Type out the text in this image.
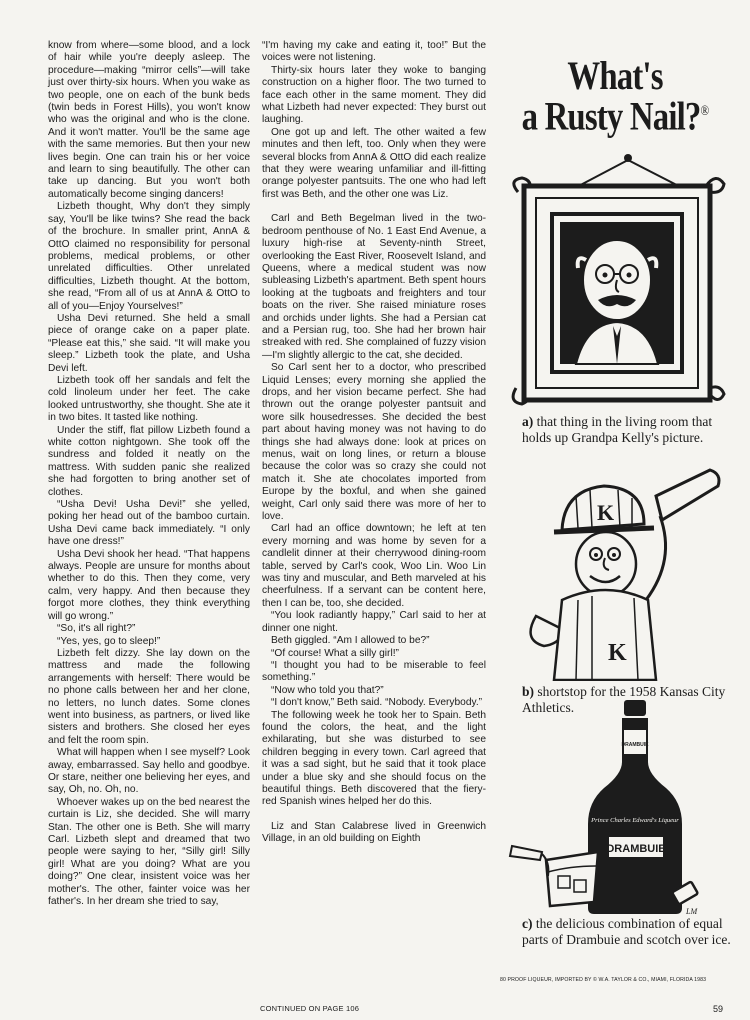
know from where—some blood, and a lock of hair while you're deeply asleep. The procedure—making “mirror cells”—will take just over thirty-six hours. When you wake as two people, one on each of the bunk beds (twin beds in Forest Hills), you won't know who was the original and who is the clone. And it won't matter. You'll be the same age with the same memories. But then your new lives begin. One can train his or her voice and learn to sing beautifully. The other can take up dancing. But you won't both automatically become singing dancers!

Lizbeth thought, Why don't they simply say, You'll be like twins? She read the back of the brochure. In smaller print, AnnA & OttO claimed no responsibility for personal problems, medical problems, or other unrelated difficulties. Other unrelated difficulties, Lizbeth thought. At the bottom, she read, “From all of us at AnnA & OttO to all of you—Enjoy Yourselves!”

Usha Devi returned. She held a small piece of orange cake on a paper plate. “Please eat this,” she said. “It will make you sleep.” Lizbeth took the plate, and Usha Devi left.

Lizbeth took off her sandals and felt the cold linoleum under her feet. The cake looked untrustworthy, she thought. She ate it in two bites. It tasted like nothing.

Under the stiff, flat pillow Lizbeth found a white cotton nightgown. She took off the sundress and folded it neatly on the mattress. With sudden panic she realized she had forgotten to bring another set of clothes.

“Usha Devi! Usha Devi!” she yelled, poking her head out of the bamboo curtain. Usha Devi came back immediately. “I only have one dress!”

Usha Devi shook her head. “That happens always. People are unsure for months about whether to do this. Then they come, very calm, very happy. And then because they forgot more clothes, they think everything will go wrong.”

“So, it's all right?”

“Yes, yes, go to sleep!”

Lizbeth felt dizzy. She lay down on the mattress and made the following arrangements with herself: There would be no phone calls between her and her clone, no letters, no lunch dates. Some clones went into business, as partners, or lived like sisters and brothers. She closed her eyes and felt the room spin.

What will happen when I see myself? Look away, embarrassed. Say hello and goodbye. Or stare, neither one believing her eyes, and say, Oh, no. Oh, no.

Whoever wakes up on the bed nearest the curtain is Liz, she decided. She will marry Stan. The other one is Beth. She will marry Carl. Lizbeth slept and dreamed that two people were saying to her, “Silly girl! Silly girl! What are you doing? What are you doing?” One clear, insistent voice was her mother's. The other, fainter voice was her father's. In her dream she tried to say,

“I'm having my cake and eating it, too!” But the voices were not listening.

Thirty-six hours later they woke to banging construction on a higher floor. The two turned to face each other in the same moment. They did what Lizbeth had never expected: They burst out laughing.

One got up and left. The other waited a few minutes and then left, too. Only when they were several blocks from AnnA & OttO did each realize that they were wearing unfamiliar and ill-fitting orange polyester pantsuits. The one who had left first was Beth, and the other one was Liz.

Carl and Beth Begelman lived in the two-bedroom penthouse of No. 1 East End Avenue, a luxury high-rise at Seventy-ninth Street, overlooking the East River, Roosevelt Island, and Queens, where a medical student was now subleasing Lizbeth's apartment. Beth spent hours looking at the tugboats and freighters and tour boats on the river. She raised miniature roses and orchids under lights. She had a Persian cat and a Persian rug, too. She had her brown hair streaked with red. She complained of fuzzy vision—I'm slightly allergic to the cat, she decided.

So Carl sent her to a doctor, who prescribed Liquid Lenses; every morning she applied the drops, and her vision became perfect. She had thrown out the orange polyester pantsuit and wore silk housedresses. She decided the best part about having money was not having to do things she had always done: look at prices on menus, wait on long lines, or return a blouse because the color was so crazy she could not match it. She ate chocolates imported from Europe by the boxful, and when she gained weight, Carl only said there was more of her to love.

Carl had an office downtown; he left at ten every morning and was home by seven for a candlelit dinner at their cherrywood dining-room table, served by Carl's cook, Woo Lin. Woo Lin was tiny and muscular, and Beth marveled at his cheerfulness. If a servant can be content here, then I can be, too, she decided.

“You look radiantly happy,” Carl said to her at dinner one night.

Beth giggled. “Am I allowed to be?”

“Of course! What a silly girl!”

“I thought you had to be miserable to feel something.”

“Now who told you that?”

“I don't know,” Beth said. “Nobody. Everybody.”

The following week he took her to Spain. Beth found the colors, the heat, and the light exhilarating, but she was disturbed to see children begging in every town. Carl agreed that it was a sad sight, but he said that it took place under a blue sky and she should focus on the beautiful things. Beth discovered that the fiery-red Spanish wines helped her do this.

Liz and Stan Calabrese lived in Greenwich Village, in an old building on Eighth

What's
a Rusty Nail?®
a) that thing in the living room that holds up Grandpa Kelly's picture.
K
K
b) shortstop for the 1958 Kansas City Athletics.
DRAMBUIE
Prince Charles Edward's Liqueur
DRAMBUIE
LM
c) the delicious combination of equal parts of Drambuie and scotch over ice.
80 PROOF LIQUEUR, IMPORTED BY © W.A. TAYLOR & CO., MIAMI, FLORIDA 1983
CONTINUED ON PAGE 106	59
